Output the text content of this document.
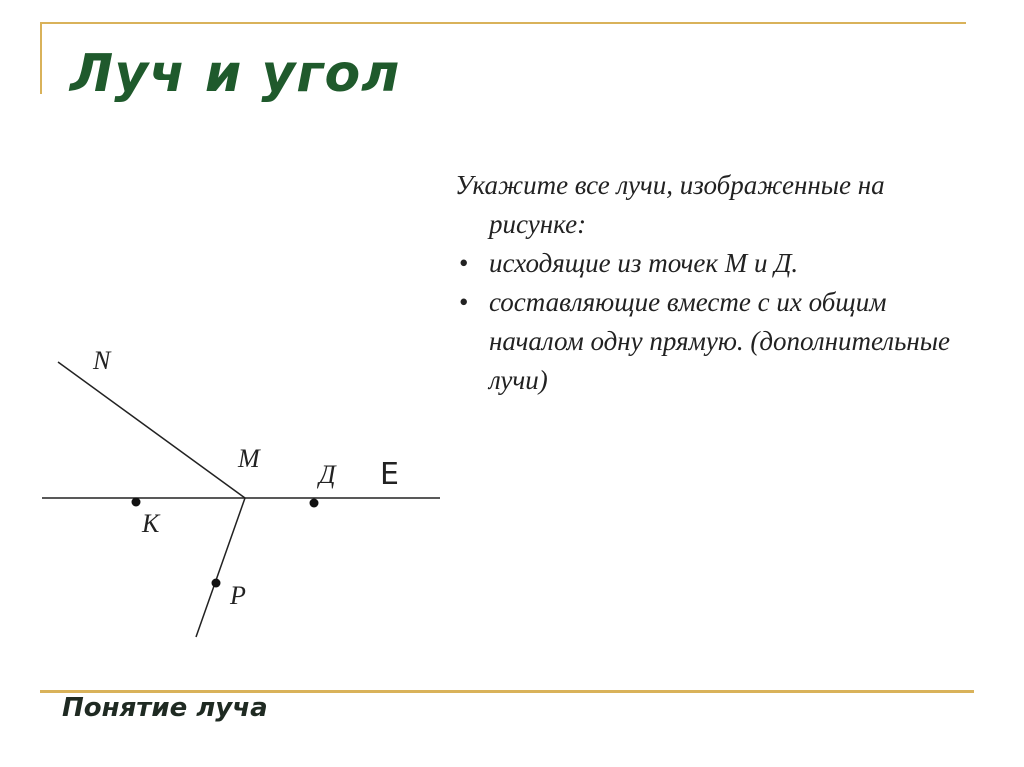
Луч и угол

Укажите все лучи, изображенные на рисунке:

• исходящие из точек M и Д.
• составляющие вместе с их общим началом одну прямую. (дополнительные лучи)
N
M
Д
K
P
E

Понятие луча
